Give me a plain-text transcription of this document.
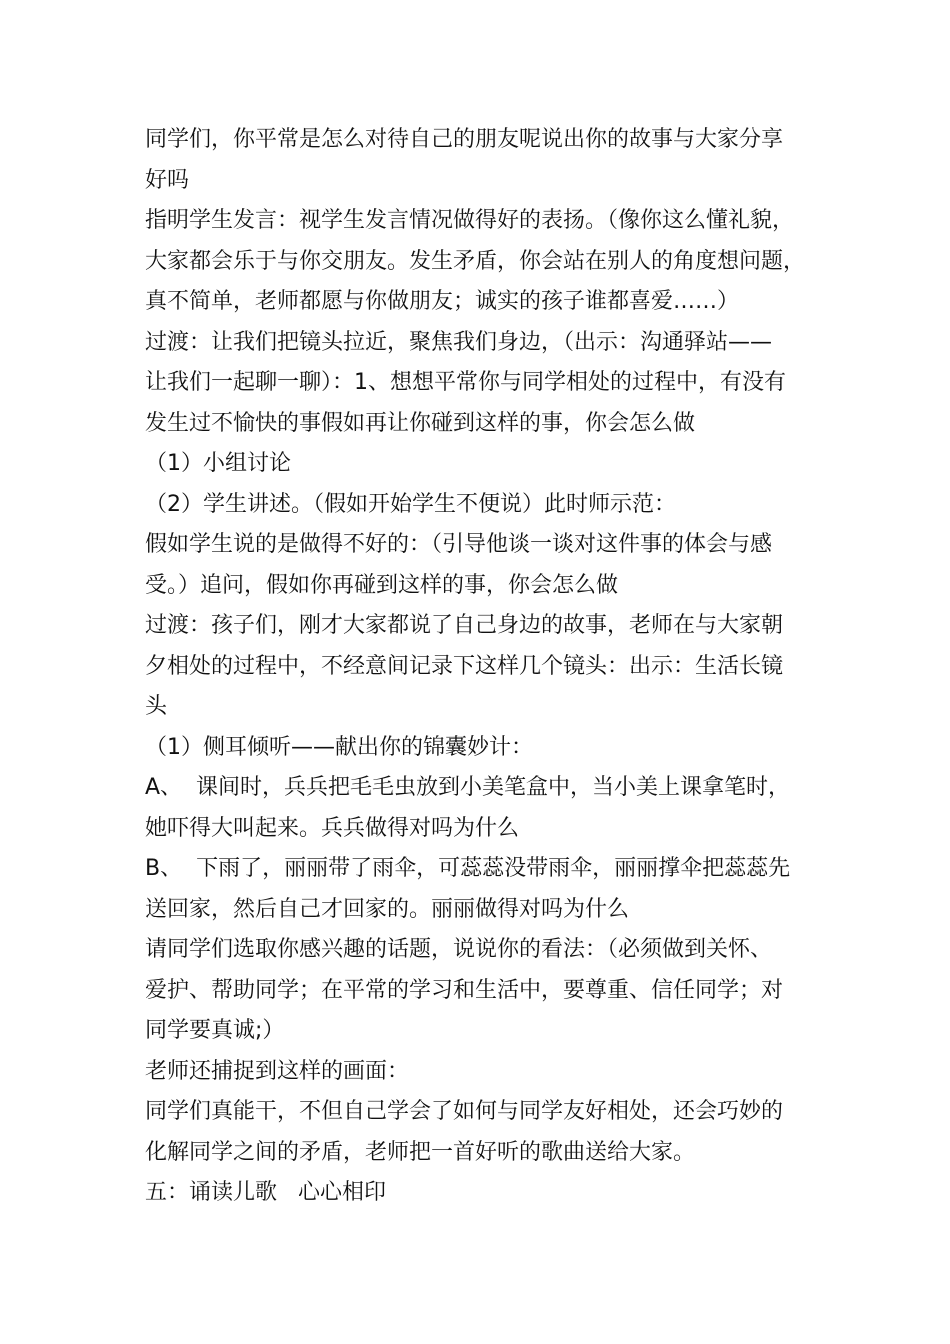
同学们，你平常是怎么对待自己的朋友呢说出你的故事与大家分享
好吗
指明学生发言：视学生发言情况做得好的表扬。（像你这么懂礼貌，
大家都会乐于与你交朋友。发生矛盾，你会站在别人的角度想问题，
真不简单，老师都愿与你做朋友；诚实的孩子谁都喜爱……）
过渡：让我们把镜头拉近，聚焦我们身边，（出示：沟通驿站——
让我们一起聊一聊）：1、想想平常你与同学相处的过程中，有没有
发生过不愉快的事假如再让你碰到这样的事，你会怎么做
（1）小组讨论
（2）学生讲述。（假如开始学生不便说）此时师示范：
假如学生说的是做得不好的：（引导他谈一谈对这件事的体会与感
受。）追问，假如你再碰到这样的事，你会怎么做
过渡：孩子们，刚才大家都说了自己身边的故事，老师在与大家朝
夕相处的过程中，不经意间记录下这样几个镜头：出示：生活长镜
头
（1）侧耳倾听——献出你的锦囊妙计：
A、  课间时，兵兵把毛毛虫放到小美笔盒中，当小美上课拿笔时，
她吓得大叫起来。兵兵做得对吗为什么
B、  下雨了，丽丽带了雨伞，可蕊蕊没带雨伞，丽丽撑伞把蕊蕊先
送回家，然后自己才回家的。丽丽做得对吗为什么
请同学们选取你感兴趣的话题，说说你的看法：（必须做到关怀、
爱护、帮助同学；在平常的学习和生活中，要尊重、信任同学；对
同学要真诚;）
老师还捕捉到这样的画面：
同学们真能干，不但自己学会了如何与同学友好相处，还会巧妙的
化解同学之间的矛盾，老师把一首好听的歌曲送给大家。
五：诵读儿歌   心心相印
